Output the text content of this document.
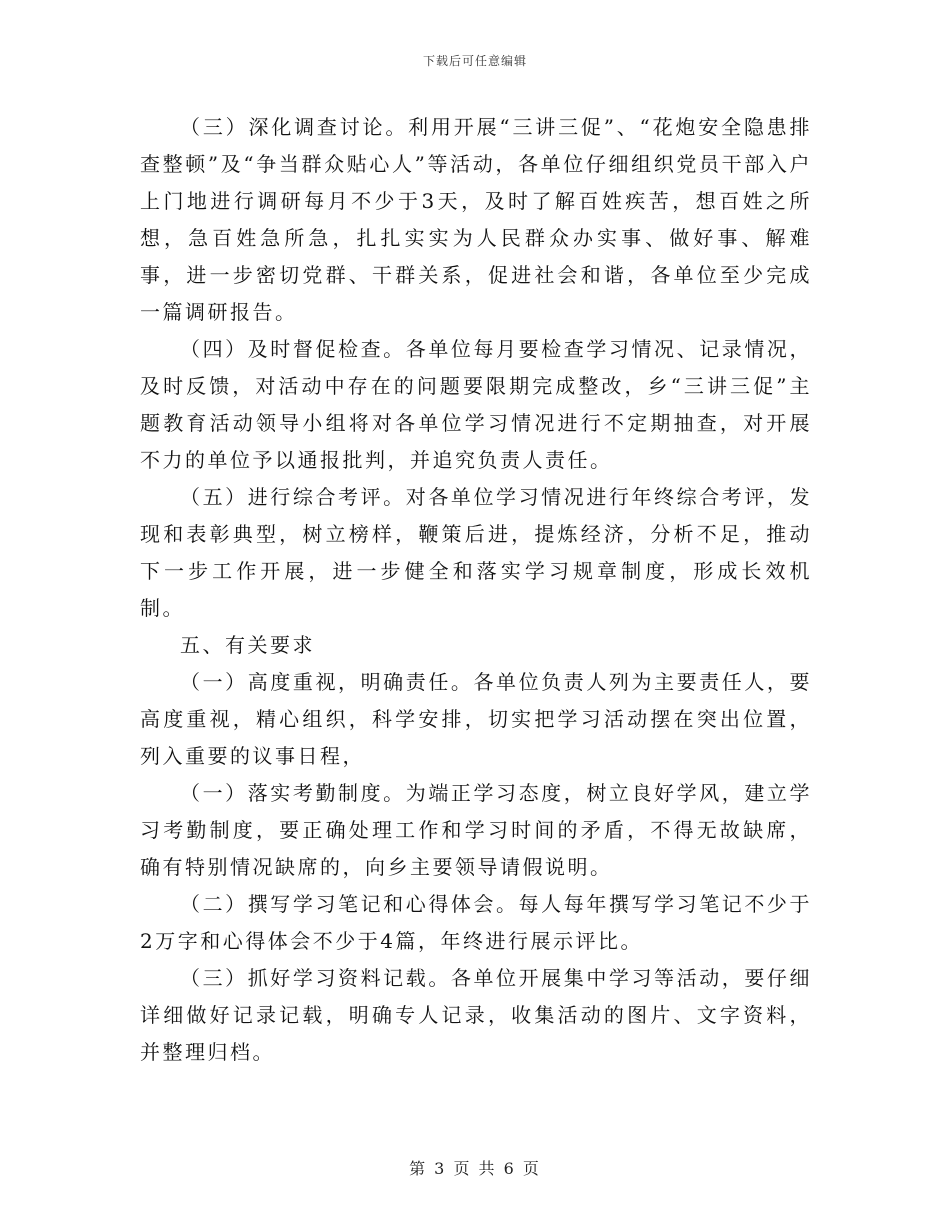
下载后可任意编辑

（三）深化调查讨论。利用开展“三讲三促”、“花炮安全隐患排查整顿”及“争当群众贴心人”等活动，各单位仔细组织党员干部入户上门地进行调研每月不少于3天，及时了解百姓疾苦，想百姓之所想，急百姓急所急，扎扎实实为人民群众办实事、做好事、解难事，进一步密切党群、干群关系，促进社会和谐，各单位至少完成一篇调研报告。

（四）及时督促检查。各单位每月要检查学习情况、记录情况，及时反馈，对活动中存在的问题要限期完成整改，乡“三讲三促”主题教育活动领导小组将对各单位学习情况进行不定期抽查，对开展不力的单位予以通报批判，并追究负责人责任。

（五）进行综合考评。对各单位学习情况进行年终综合考评，发现和表彰典型，树立榜样，鞭策后进，提炼经济，分析不足，推动下一步工作开展，进一步健全和落实学习规章制度，形成长效机制。

五、有关要求

（一）高度重视，明确责任。各单位负责人列为主要责任人，要高度重视，精心组织，科学安排，切实把学习活动摆在突出位置，列入重要的议事日程，

（一）落实考勤制度。为端正学习态度，树立良好学风，建立学习考勤制度，要正确处理工作和学习时间的矛盾，不得无故缺席，确有特别情况缺席的，向乡主要领导请假说明。

（二）撰写学习笔记和心得体会。每人每年撰写学习笔记不少于2万字和心得体会不少于4篇，年终进行展示评比。

（三）抓好学习资料记载。各单位开展集中学习等活动，要仔细详细做好记录记载，明确专人记录，收集活动的图片、文字资料，并整理归档。

第 3 页 共 6 页
